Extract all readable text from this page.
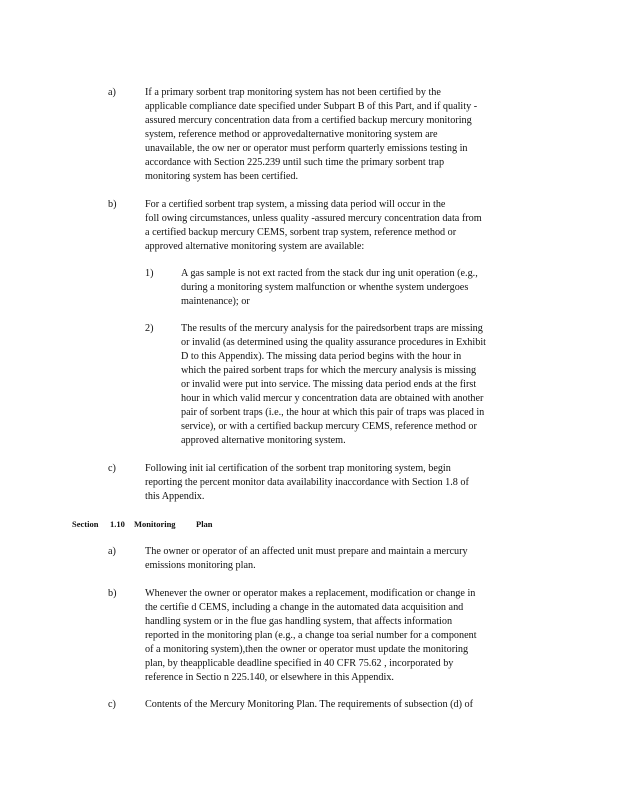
a)	If a primary sorbent trap monitoring system has not been certified by the
applicable compliance date specified under Subpart B of this Part, and if quality -
assured mercury concentration data from a certified backup mercury monitoring
system, reference method or approvedalternative monitoring system are
unavailable, the ow ner or operator must perform quarterly emissions testing in
accordance with Section 225.239 until such time the primary sorbent trap
monitoring system has been certified.
b)	For a certified sorbent trap system, a missing data period will occur in the
foll owing circumstances, unless quality -assured mercury concentration data from
a certified backup mercury CEMS, sorbent trap system, reference method or
approved alternative monitoring system are available:
1)	A gas sample is not ext racted from the stack dur ing unit operation (e.g.,
during a monitoring system malfunction or whenthe system undergoes
maintenance); or
2)	The results of the mercury analysis for the pairedsorbent traps are missing
or invalid (as determined using the quality assurance procedures in Exhibit
D to this Appendix). The missing data period begins with the hour in
which the paired sorbent traps for which the mercury analysis is missing
or invalid were put into service. The missing data period ends at the first
hour in which valid mercur y concentration data are obtained with another
pair of sorbent traps (i.e., the hour at which this pair of traps was placed in
service), or with a certified backup mercury CEMS, reference method or
approved alternative monitoring system.
c)	Following init ial certification of the sorbent trap monitoring system, begin
reporting the percent monitor data availability inaccordance with Section 1.8 of
this Appendix.
Section 1.10 Monitoring Plan
a)	The owner or operator of an affected unit must prepare and maintain a mercury
emissions monitoring plan.
b)	Whenever the owner or operator makes a replacement, modification or change in
the certifie d CEMS, including a change in the automated data acquisition and
handling system or in the flue gas handling system, that affects information
reported in the monitoring plan (e.g., a change toa serial number for a component
of a monitoring system),then the owner or operator must update the monitoring
plan, by theapplicable deadline specified in 40 CFR 75.62 , incorporated by
reference in Sectio n 225.140, or elsewhere in this Appendix.
c)	Contents of the Mercury Monitoring Plan. The requirements of subsection (d) of
